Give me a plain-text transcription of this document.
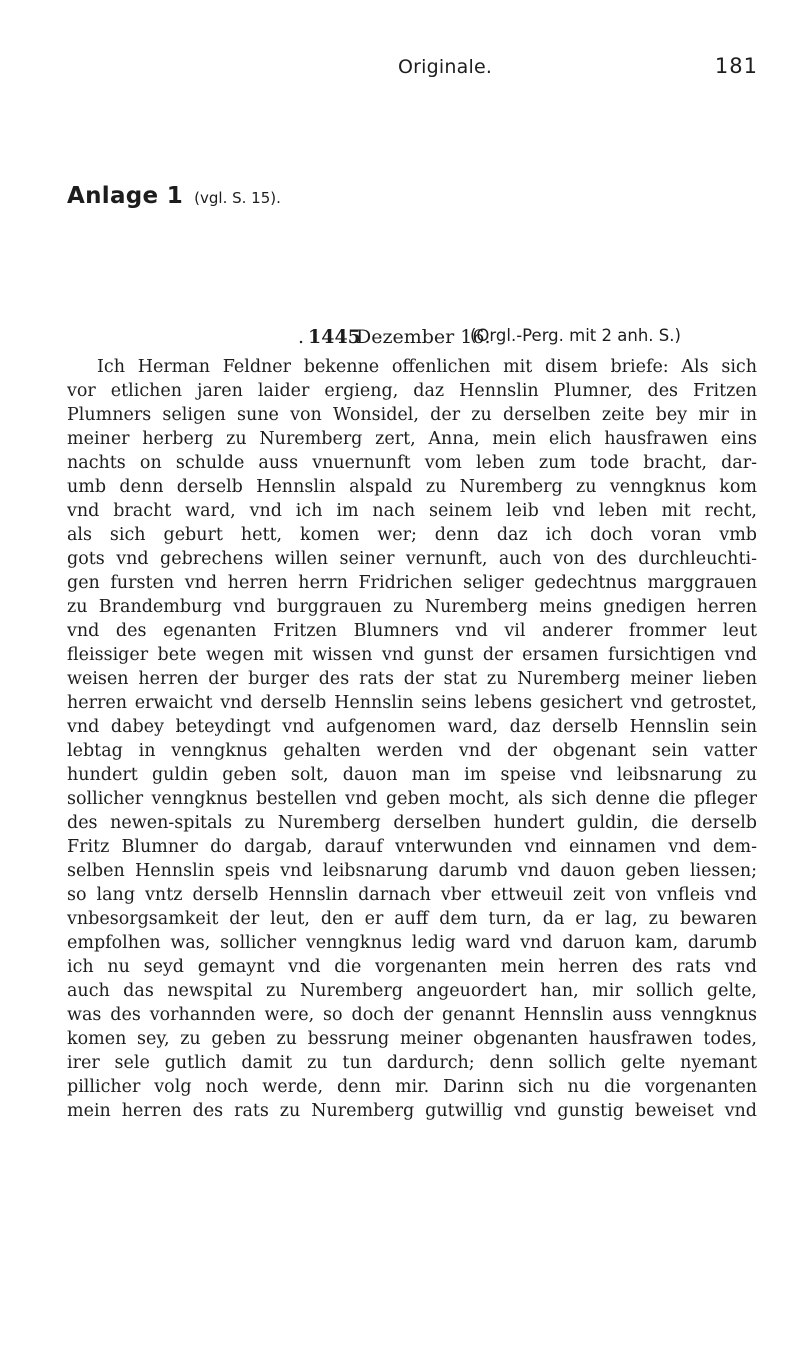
Originale.	181
Anlage 1 (vgl. S. 15).
. 1445
Dezember 16.
(Orgl.-Perg. mit 2 anh. S.)
Ich Herman Feldner bekenne offenlichen mit disem briefe: Als sich
vor etlichen jaren laider ergieng, daz Hennslin Plumner, des Fritzen
Plumners seligen sune von Wonsidel, der zu derselben zeite bey mir in
meiner herberg zu Nuremberg zert, Anna, mein elich hausfrawen eins
nachts on schulde auss vnuernunft vom leben zum tode bracht, dar-
umb denn derselb Hennslin alspald zu Nuremberg zu venngknus kom
vnd bracht ward, vnd ich im nach seinem leib vnd leben mit recht,
als sich geburt hett, komen wer; denn daz ich doch voran vmb
gots vnd gebrechens willen seiner vernunft, auch von des durchleuchti-
gen fursten vnd herren herrn Fridrichen seliger gedechtnus marggrauen
zu Brandemburg vnd burggrauen zu Nuremberg meins gnedigen herren
vnd des egenanten Fritzen Blumners vnd vil anderer frommer leut
fleissiger bete wegen mit wissen vnd gunst der ersamen fursichtigen vnd
weisen herren der burger des rats der stat zu Nuremberg meiner lieben
herren erwaicht vnd derselb Hennslin seins lebens gesichert vnd getrostet,
vnd dabey beteydingt vnd aufgenomen ward, daz derselb Hennslin sein
lebtag in venngknus gehalten werden vnd der obgenant sein vatter
hundert guldin geben solt, dauon man im speise vnd leibsnarung zu
sollicher venngknus bestellen vnd geben mocht, als sich denne die pfleger
des newen-spitals zu Nuremberg derselben hundert guldin, die derselb
Fritz Blumner do dargab, darauf vnterwunden vnd einnamen vnd dem-
selben Hennslin speis vnd leibsnarung darumb vnd dauon geben liessen;
so lang vntz derselb Hennslin darnach vber ettweuil zeit von vnfleis vnd
vnbesorgsamkeit der leut, den er auff dem turn, da er lag, zu bewaren
empfolhen was, sollicher venngknus ledig ward vnd daruon kam, darumb
ich nu seyd gemaynt vnd die vorgenanten mein herren des rats vnd
auch das newspital zu Nuremberg angeuordert han, mir sollich gelte,
was des vorhannden were, so doch der genannt Hennslin auss venngknus
komen sey, zu geben zu bessrung meiner obgenanten hausfrawen todes,
irer sele gutlich damit zu tun dardurch; denn sollich gelte nyemant
pillicher volg noch werde, denn mir. Darinn sich nu die vorgenanten
mein herren des rats zu Nuremberg gutwillig vnd gunstig beweiset vnd
